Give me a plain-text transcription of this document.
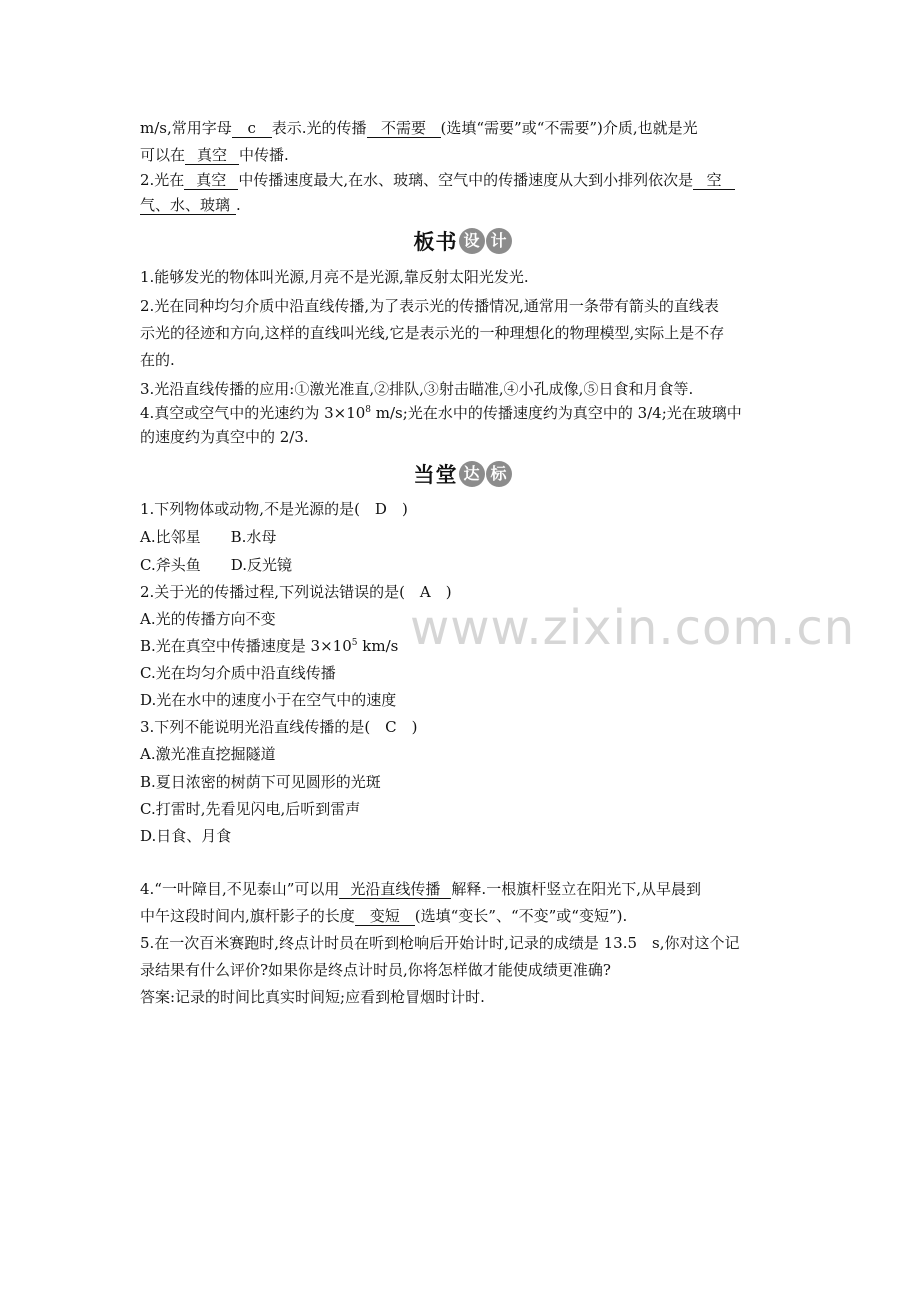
m/s,常用字母 c 表示.光的传播 不需要 (选填“需要”或“不需要”)介质,也就是光
可以在 真空 中传播.
2.光在 真空 中传播速度最大,在水、玻璃、空气中的传播速度从大到小排列依次是 空
气、水、玻璃 .
板书 设 计
1.能够发光的物体叫光源,月亮不是光源,靠反射太阳光发光.
2.光在同种均匀介质中沿直线传播,为了表示光的传播情况,通常用一条带有箭头的直线表
示光的径迹和方向,这样的直线叫光线,它是表示光的一种理想化的物理模型,实际上是不存
在的.
3.光沿直线传播的应用:①激光准直,②排队,③射击瞄准,④小孔成像,⑤日食和月食等.
4.真空或空气中的光速约为 $3\times 10^8$ m/s;光在水中的传播速度约为真空中的 3/4;光在玻璃中
的速度约为真空中的 2/3.
当堂 达 标
1.下列物体或动物,不是光源的是(　D　)
A.比邻星　　B.水母
C.斧头鱼　　D.反光镜
2.关于光的传播过程,下列说法错误的是(　A　)
A.光的传播方向不变
B.光在真空中传播速度是 $3\times 10^5$ km/s
C.光在均匀介质中沿直线传播
D.光在水中的速度小于在空气中的速度
3.下列不能说明光沿直线传播的是(　C　)
A.激光准直挖掘隧道
B.夏日浓密的树荫下可见圆形的光斑
C.打雷时,先看见闪电,后听到雷声
D.日食、月食
4.“一叶障目,不见泰山”可以用 光沿直线传播 解释.一根旗杆竖立在阳光下,从早晨到
中午这段时间内,旗杆影子的长度 变短 (选填“变长”、“不变”或“变短”).
5.在一次百米赛跑时,终点计时员在听到枪响后开始计时,记录的成绩是 13.5　s,你对这个记
录结果有什么评价?如果你是终点计时员,你将怎样做才能使成绩更准确?
答案:记录的时间比真实时间短;应看到枪冒烟时计时.
www.zixin.com.cn
